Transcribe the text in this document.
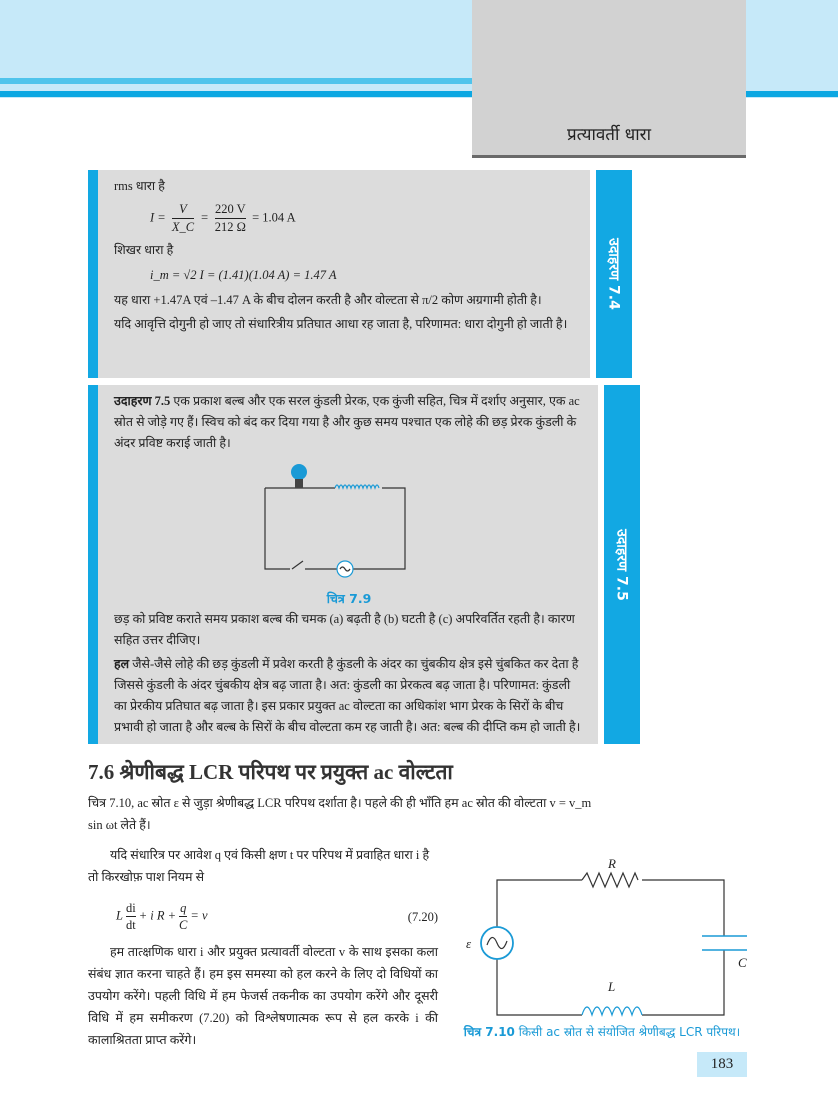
प्रत्यावर्ती धारा

rms धारा है

$I = \frac{V}{X\_C} = \frac{220 V}{212 \Omega} = 1.04$ A

शिखर धारा है

i_m = √2 I = (1.41)(1.04 A) = 1.47 A

यह धारा +1.47A एवं –1.47 A के बीच दोलन करती है और वोल्टता से π/2 कोण अग्रगामी होती है।

यदि आवृत्ति दोगुनी हो जाए तो संधारित्रीय प्रतिघात आधा रह जाता है, परिणामत: धारा दोगुनी हो जाती है।

उदाहरण 7.4

उदाहरण 7.5 एक प्रकाश बल्ब और एक सरल कुंडली प्रेरक, एक कुंजी सहित, चित्र में दर्शाए अनुसार, एक ac स्रोत से जोड़े गए हैं। स्विच को बंद कर दिया गया है और कुछ समय पश्चात एक लोहे की छड़ प्रेरक कुंडली के अंदर प्रविष्ट कराई जाती है।

चित्र 7.9

छड़ को प्रविष्ट कराते समय प्रकाश बल्ब की चमक (a) बढ़ती है (b) घटती है (c) अपरिवर्तित रहती है। कारण सहित उत्तर दीजिए।

हल जैसे-जैसे लोहे की छड़ कुंडली में प्रवेश करती है कुंडली के अंदर का चुंबकीय क्षेत्र इसे चुंबकित कर देता है जिससे कुंडली के अंदर चुंबकीय क्षेत्र बढ़ जाता है। अत: कुंडली का प्रेरकत्व बढ़ जाता है। परिणामत: कुंडली का प्रेरकीय प्रतिघात बढ़ जाता है। इस प्रकार प्रयुक्त ac वोल्टता का अधिकांश भाग प्रेरक के सिरों के बीच प्रभावी हो जाता है और बल्ब के सिरों के बीच वोल्टता कम रह जाती है। अत: बल्ब की दीप्ति कम हो जाती है।

उदाहरण 7.5
7.6 श्रेणीबद्ध LCR परिपथ पर प्रयुक्त ac वोल्टता

चित्र 7.10, ac स्रोत ε से जुड़ा श्रेणीबद्ध LCR परिपथ दर्शाता है। पहले की ही भाँति हम ac स्रोत की वोल्टता v = v_m sin ωt लेते हैं।

यदि संधारित्र पर आवेश q एवं किसी क्षण t पर परिपथ में प्रवाहित धारा i है तो किरखोफ़ पाश नियम से

L $\frac{di}{dt} + i$ $R + \frac{q}{C} = v$	(7.20)

हम तात्क्षणिक धारा i और प्रयुक्त प्रत्यावर्ती वोल्टता v के साथ इसका कला संबंध ज्ञात करना चाहते हैं। हम इस समस्या को हल करने के लिए दो विधियों का उपयोग करेंगे। पहली विधि में हम फेजर्स तकनीक का उपयोग करेंगे और दूसरी विधि में हम समीकरण (7.20) को विश्लेषणात्मक रूप से हल करके i की कालाश्रितता प्राप्त करेंगे।

R
ε
C
L
चित्र 7.10 किसी ac स्रोत से संयोजित श्रेणीबद्ध LCR परिपथ।
183
